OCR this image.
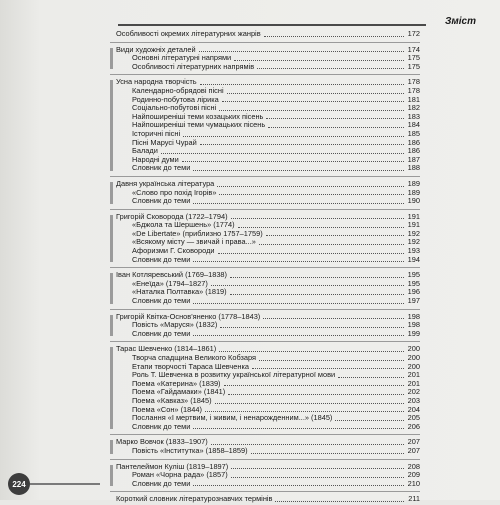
Зміст
Особливості окремих літературних жанрів	172
Види художніх деталей	174
Основні літературні напрями	175
Особливості літературних напрямів	175
Усна народна творчість	178
Календарно-обрядові пісні	178
Родинно-побутова лірика	181
Соціально-побутові пісні	182
Найпоширеніші теми козацьких пісень	183
Найпоширеніші теми чумацьких пісень	184
Історичні пісні	185
Пісні Марусі Чурай	186
Балади	186
Народні думи	187
Словник до теми	188
Давня українська література	189
«Слово про похід Ігорів»	189
Словник до теми	190
Григорій Сковорода (1722–1794)	191
«Бджола та Шершень» (1774)	191
«De Libertate» (приблизно 1757–1759)	192
«Всякому місту — звичай і права...»	192
Афоризми Г. Сковороди	193
Словник до теми	194
Іван Котляревський (1769–1838)	195
«Енеїда» (1794–1827)	195
«Наталка Полтавка» (1819)	196
Словник до теми	197
Григорій Квітка-Основ'яненко (1778–1843)	198
Повість «Маруся» (1832)	198
Словник до теми	199
Тарас Шевченко (1814–1861)	200
Творча спадщина Великого Кобзаря	200
Етапи творчості Тараса Шевченка	200
Роль Т. Шевченка в розвитку української літературної мови	201
Поема «Катерина» (1839)	201
Поема «Гайдамаки» (1841)	202
Поема «Кавказ» (1845)	203
Поема «Сон» (1844)	204
Послання «І мертвим, і живим, і ненарожденним...» (1845)	205
Словник до теми	206
Марко Вовчок (1833–1907)	207
Повість «Інститутка» (1858–1859)	207
Пантелеймон Куліш (1819–1897)	208
Роман «Чорна рада» (1857)	209
Словник до теми	210
Короткий словник літературознавчих термінів	211
224
